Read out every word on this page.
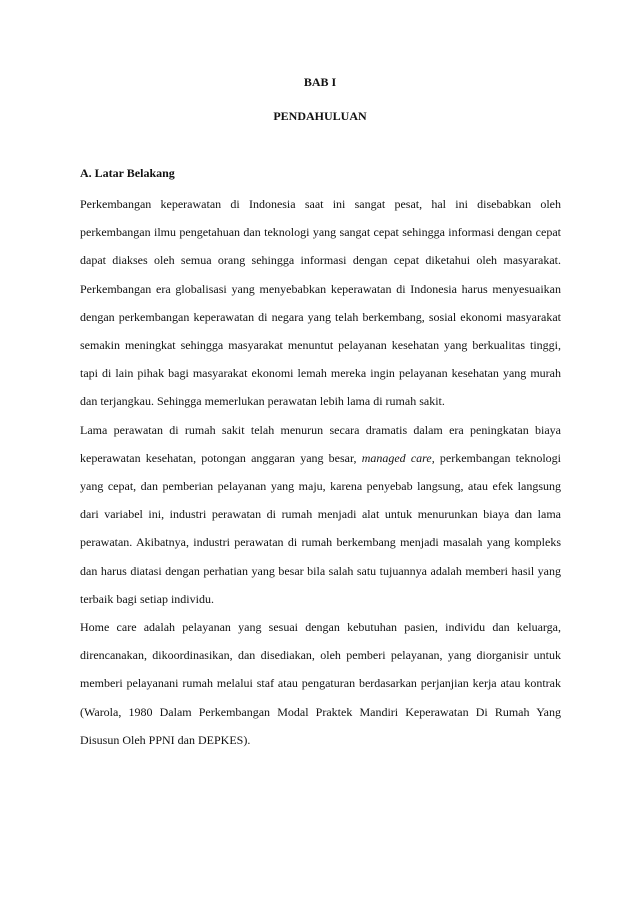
BAB I
PENDAHULUAN
A. Latar Belakang

Perkembangan keperawatan di Indonesia saat ini sangat pesat, hal ini disebabkan oleh perkembangan ilmu pengetahuan dan teknologi yang sangat cepat sehingga informasi dengan cepat dapat diakses oleh semua orang sehingga informasi dengan cepat diketahui oleh masyarakat. Perkembangan era globalisasi yang menyebabkan keperawatan di Indonesia harus menyesuaikan dengan perkembangan keperawatan di negara yang telah berkembang, sosial ekonomi masyarakat semakin meningkat sehingga masyarakat menuntut pelayanan kesehatan yang berkualitas tinggi, tapi di lain pihak bagi masyarakat ekonomi lemah mereka ingin pelayanan kesehatan yang murah dan terjangkau. Sehingga memerlukan perawatan lebih lama di rumah sakit.

Lama perawatan di rumah sakit telah menurun secara dramatis dalam era peningkatan biaya keperawatan kesehatan, potongan anggaran yang besar, managed care, perkembangan teknologi yang cepat, dan pemberian pelayanan yang maju, karena penyebab langsung, atau efek langsung dari variabel ini, industri perawatan di rumah menjadi alat untuk menurunkan biaya dan lama perawatan. Akibatnya, industri perawatan di rumah berkembang menjadi masalah yang kompleks dan harus diatasi dengan perhatian yang besar bila salah satu tujuannya adalah memberi hasil yang terbaik bagi setiap individu.

Home care adalah pelayanan yang sesuai dengan kebutuhan pasien, individu dan keluarga, direncanakan, dikoordinasikan, dan disediakan, oleh pemberi pelayanan, yang diorganisir untuk memberi pelayanani rumah melalui staf atau pengaturan berdasarkan perjanjian kerja atau kontrak (Warola, 1980 Dalam Perkembangan Modal Praktek Mandiri Keperawatan Di Rumah Yang Disusun Oleh PPNI dan DEPKES).
